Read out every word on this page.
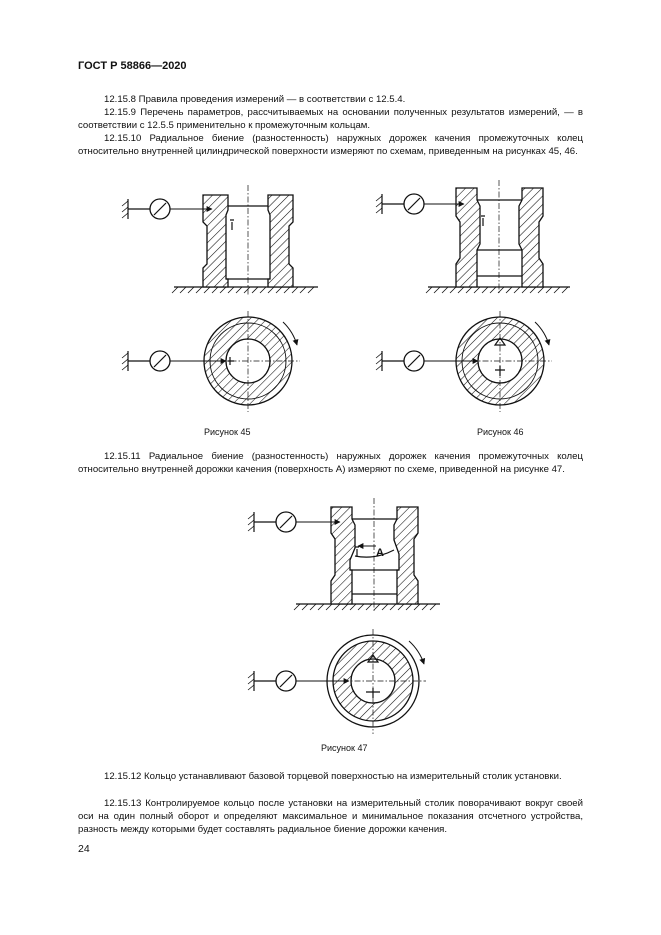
ГОСТ Р 58866—2020

12.15.8 Правила проведения измерений — в соответствии с 12.5.4.

12.15.9 Перечень параметров, рассчитываемых на основании полученных результатов измерений, — в соответствии с 12.5.5 применительно к промежуточным кольцам.

12.15.10 Радиальное биение (разностенность) наружных дорожек качения промежуточных колец относительно внутренней цилиндрической поверхности измеряют по схемам, приведенным на рисунках 45, 46.

А
Рисунок 45	Рисунок 46

12.15.11 Радиальное биение (разностенность) наружных дорожек качения промежуточных колец относительно внутренней дорожки качения (поверхность А) измеряют по схеме, приведенной на рисунке 47.

Рисунок 47

12.15.12 Кольцо устанавливают базовой торцевой поверхностью на измерительный столик установки.

12.15.13 Контролируемое кольцо после установки на измерительный столик поворачивают вокруг своей оси на один полный оборот и определяют максимальное и минимальное показания отсчетного устройства, разность между которыми будет составлять радиальное биение дорожки качения.

24
